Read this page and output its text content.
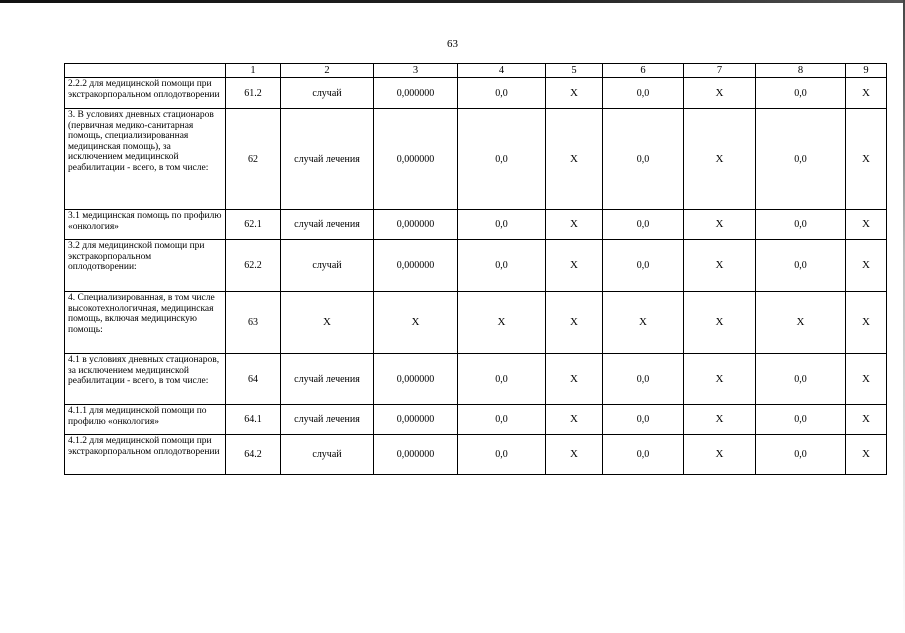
63
	1	2	3	4	5	6	7	8	9
2.2.2 для медицинской помощи при экстракорпоральном оплодотворении	61.2	случай	0,000000	0,0	Х	0,0	Х	0,0	Х
3. В условиях дневных стационаров (первичная медико-санитарная помощь, специализированная медицинская помощь), за исключением медицинской реабилитации - всего, в том числе:	62	случай лечения	0,000000	0,0	Х	0,0	Х	0,0	Х
3.1 медицинская помощь по профилю «онкология»	62.1	случай лечения	0,000000	0,0	Х	0,0	Х	0,0	Х
3.2 для медицинской помощи при экстракорпоральном оплодотворении:	62.2	случай	0,000000	0,0	Х	0,0	Х	0,0	Х
4. Специализированная, в том числе высокотехнологичная, медицинская помощь, включая медицинскую помощь:	63	Х	Х	Х	Х	Х	Х	Х	Х
4.1 в условиях дневных стационаров, за исключением медицинской реабилитации - всего, в том числе:	64	случай лечения	0,000000	0,0	Х	0,0	Х	0,0	Х
4.1.1 для медицинской помощи по профилю «онкология»	64.1	случай лечения	0,000000	0,0	Х	0,0	Х	0,0	Х
4.1.2 для медицинской помощи при экстракорпоральном оплодотворении	64.2	случай	0,000000	0,0	Х	0,0	Х	0,0	Х
